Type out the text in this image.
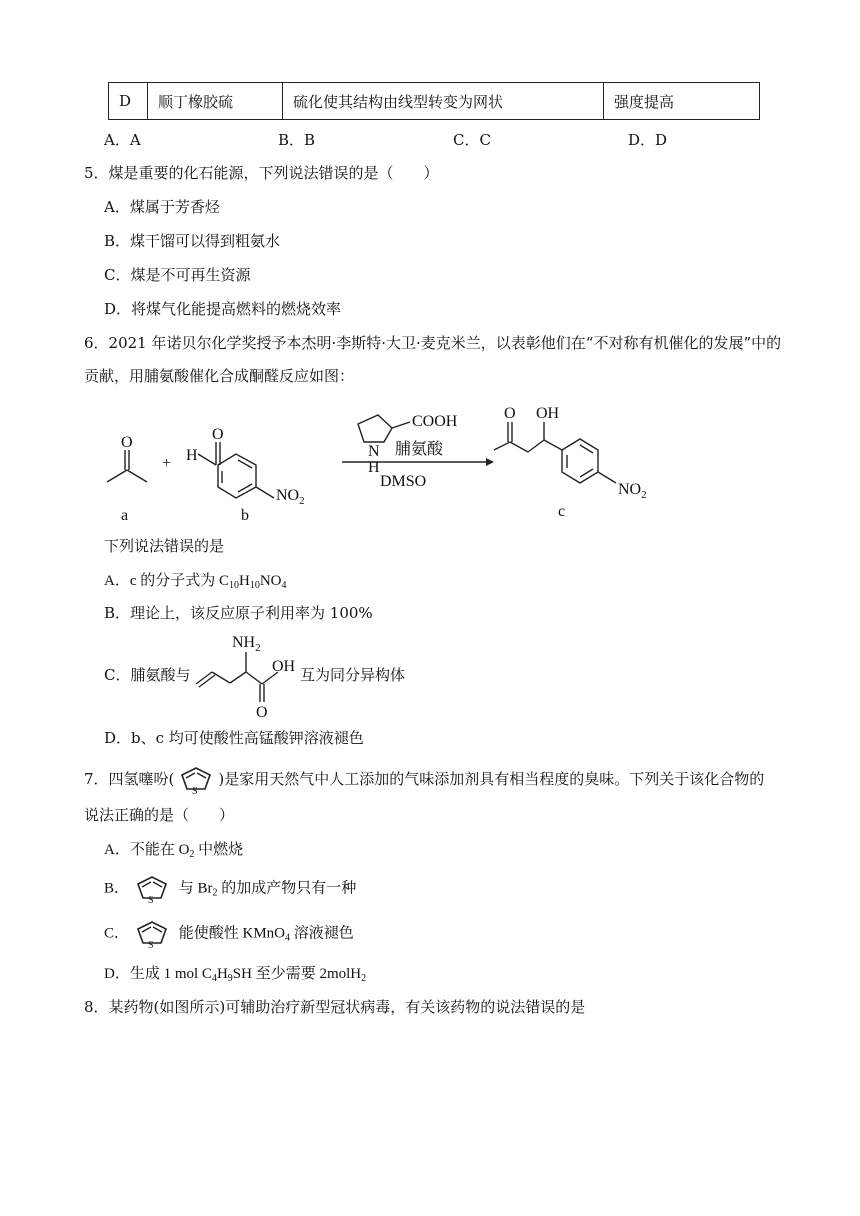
D	顺丁橡胶硫	硫化使其结构由线型转变为网状	强度提高
A．A	B．B	C．C	D．D
5．煤是重要的化石能源，下列说法错误的是（　　）
A．煤属于芳香烃
B．煤干馏可以得到粗氨水
C．煤是不可再生资源
D．将煤气化能提高燃料的燃烧效率
6．2021 年诺贝尔化学奖授予本杰明·李斯特·大卫·麦克米兰，以表彰他们在“不对称有机催化的发展”中的
贡献，用脯氨酸催化合成酮醛反应如图：
O
a
+
O
H
$NO_2$
b
COOH
N
H
脯氨酸
DMSO
O OH
$NO_2$
c
下列说法错误的是
A．c 的分子式为 $C_{10}H_{10}NO_4$
B．理论上，该反应原子利用率为 100%
C．脯氨酸与
$NH_2$
OH
O
互为同分异构体
D．b、c 均可使酸性高锰酸钾溶液褪色
7．四氢噻吩(
S
)是家用天然气中人工添加的气味添加剂具有相当程度的臭味。下列关于该化合物的
说法正确的是（　　）
A．不能在 $O_2$ 中燃烧
B．
S
与 $Br_2$ 的加成产物只有一种
C．
S
能使酸性 KMnO$_4$ 溶液褪色
D．生成 1 mol $C_4H_9SH$ 至少需要 2molH$_2$
8．某药物(如图所示)可辅助治疗新型冠状病毒，有关该药物的说法错误的是
